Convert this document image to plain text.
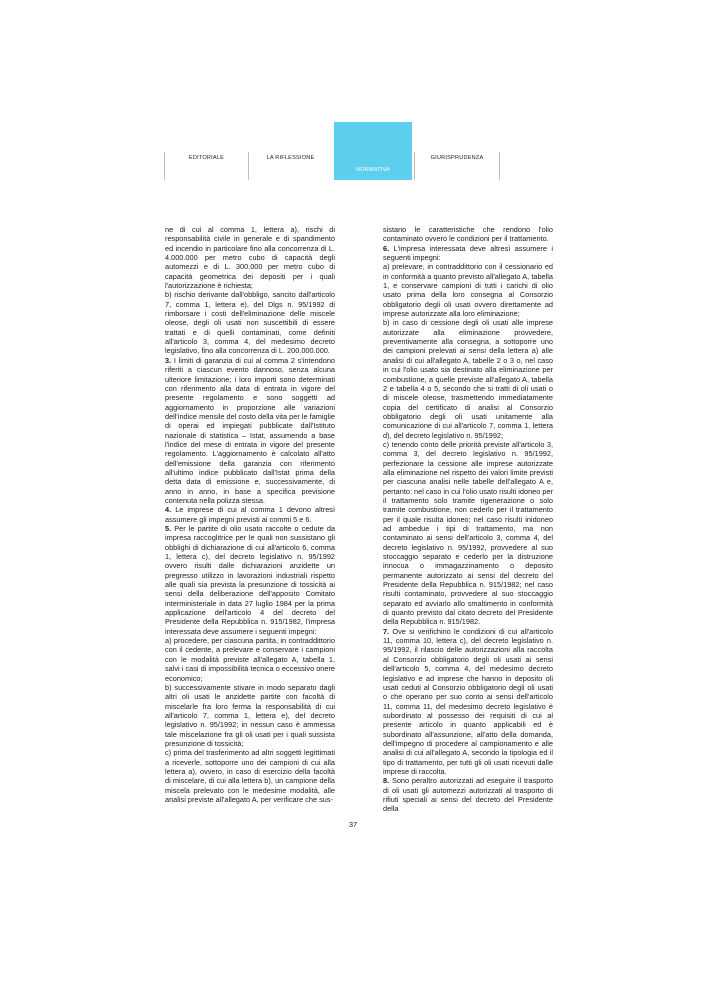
EDITORIALE	LA RIFLESSIONE
NORMATIVA
GIURISPRUDENZA

ne di cui al comma 1, lettera a), rischi di responsabilità civile in generale e di spandimento ed incendio in particolare fino alla concorrenza di L. 4.000.000 per metro cubo di capacità degli automezzi e di L. 300.000 per metro cubo di capacità geometrica dei depositi per i quali l'autorizzazione è richiesta;

b) rischio derivante dall'obbligo, sancito dall'articolo 7, comma 1, lettera e), del Dlgs n. 95/1992 di rimborsare i costi dell'eliminazione delle miscele oleose, degli oli usati non suscettibili di essere trattati e di quelli contaminati, come definiti all'articolo 3, comma 4, del medesimo decreto legislativo, fino alla concorrenza di L. 200.000.000.

3. I limiti di garanzia di cui al comma 2 s'intendono riferiti a ciascun evento dannoso, senza alcuna ulteriore limitazione; i loro importi sono determinati con riferimento alla data di entrata in vigore del presente regolamento e sono soggetti ad aggiornamento in proporzione alle variazioni dell'indice mensile del costo della vita per le famiglie di operai ed impiegati pubblicate dall'Istituto nazionale di statistica – Istat, assumendo a base l'indice del mese di entrata in vigore del presente regolamento. L'aggiornamento è calcolato all'atto dell'emissione della garanzia con riferimento all'ultimo indice pubblicato dall'Istat prima della detta data di emissione e, successivamente, di anno in anno, in base a specifica previsione contenuta nella polizza stessa.

4. Le imprese di cui al comma 1 devono altresì assumere gli impegni previsti ai commi 5 e 6.

5. Per le partite di olio usato raccolte o cedute da impresa raccoglitrice per le quali non sussistano gli obblighi di dichiarazione di cui all'articolo 6, comma 1, lettera c), del decreto legislativo n. 95/1992 ovvero risulti dalle dichiarazioni anzidette un pregresso utilizzo in lavorazioni industriali rispetto alle quali sia prevista la presunzione di tossicità ai sensi della deliberazione dell'apposito Comitato interministeriale in data 27 luglio 1984 per la prima applicazione dell'articolo 4 del decreto del Presidente della Repubblica n. 915/1982, l'impresa interessata deve assumere i seguenti impegni:

a) procedere, per ciascuna partita, in contraddittorio con il cedente, a prelevare e conservare i campioni con le modalità previste all'allegato A, tabella 1, salvi i casi di impossibilità tecnica o eccessivo onere economico;

b) successivamente stivare in modo separato dagli altri oli usati le anzidette partite con facoltà di miscelarle fra loro ferma la responsabilità di cui all'articolo 7, comma 1, lettera e), del decreto legislativo n. 95/1992; in nessun caso è ammessa tale miscelazione fra gli oli usati per i quali sussista presunzione di tossicità;

c) prima del trasferimento ad altri soggetti legittimati a riceverle, sottoporre uno dei campioni di cui alla lettera a), ovvero, in caso di esercizio della facoltà di miscelare, di cui alla lettera b), un campione della miscela prelevato con le medesime modalità, alle analisi previste all'allegato A, per verificare che sus-

sistano le caratteristiche che rendono l'olio contaminato ovvero le condizioni per il trattamento.

6. L'impresa interessata deve altresì assumere i seguenti impegni:

a) prelevare, in contraddittorio con il cessionario ed in conformità a quanto previsto all'allegato A, tabella 1, e conservare campioni di tutti i carichi di olio usato prima della loro consegna al Consorzio obbligatorio degli oli usati ovvero direttamente ad imprese autorizzate alla loro eliminazione;

b) in caso di cessione degli oli usati alle imprese autorizzate alla eliminazione provvedere, preventivamente alla consegna, a sottoporre uno dei campioni prelevati ai sensi della lettera a) alle analisi di cui all'allegato A, tabelle 2 o 3 o, nel caso in cui l'olio usato sia destinato alla eliminazione per combustione, a quelle previste all'allegato A, tabella 2 e tabella 4 o 5, secondo che si tratti di oli usati o di miscele oleose, trasmettendo immediatamente copia del certificato di analisi al Consorzio obbligatorio degli oli usati unitamente alla comunicazione di cui all'articolo 7, comma 1, lettera d), del decreto legislativo n. 95/1992;

c) tenendo conto delle priorità previste all'articolo 3, comma 3, del decreto legislativo n. 95/1992, perfezionare la cessione alle imprese autorizzate alla eliminazione nel rispetto dei valori limite previsti per ciascuna analisi nelle tabelle dell'allegato A e, pertanto: nel caso in cui l'olio usato risulti idoneo per il trattamento solo tramite rigenerazione o solo tramite combustione, non cederlo per il trattamento per il quale risulta idoneo; nel caso risulti inidoneo ad ambedue i tipi di trattamento, ma non contaminato ai sensi dell'articolo 3, comma 4, del decreto legislativo n. 95/1992, provvedere al suo stoccaggio separato e cederlo per la distruzione innocua o immagazzinamento o deposito permanente autorizzato ai sensi del decreto del Presidente della Repubblica n. 915/1982; nel caso risulti contaminato, provvedere al suo stoccaggio separato ed avviarlo allo smaltimento in conformità di quanto previsto dal citato decreto del Presidente della Repubblica n. 915/1982.

7. Ove si verifichino le condizioni di cui all'articolo 11, comma 10, lettera c), del decreto legislativo n. 95/1992, il rilascio delle autorizzazioni alla raccolta al Consorzio obbligatorio degli oli usati ai sensi dell'articolo 5, comma 4, del medesimo decreto legislativo e ad imprese che hanno in deposito oli usati ceduti al Consorzio obbligatorio degli oli usati o che operano per suo conto ai sensi dell'articolo 11, comma 11, del medesimo decreto legislativo è subordinato al possesso dei requisiti di cui al presente articolo in quanto applicabili ed è subordinato all'assunzione, all'atto della domanda, dell'impegno di procedere al campionamento e alle analisi di cui all'allegato A, secondo la tipologia ed il tipo di trattamento, per tutti gli oli usati ricevuti dalle imprese di raccolta.

8. Sono peraltro autorizzati ad eseguire il trasporto di oli usati gli automezzi autorizzati al trasporto di rifiuti speciali ai sensi del decreto del Presidente della

37
